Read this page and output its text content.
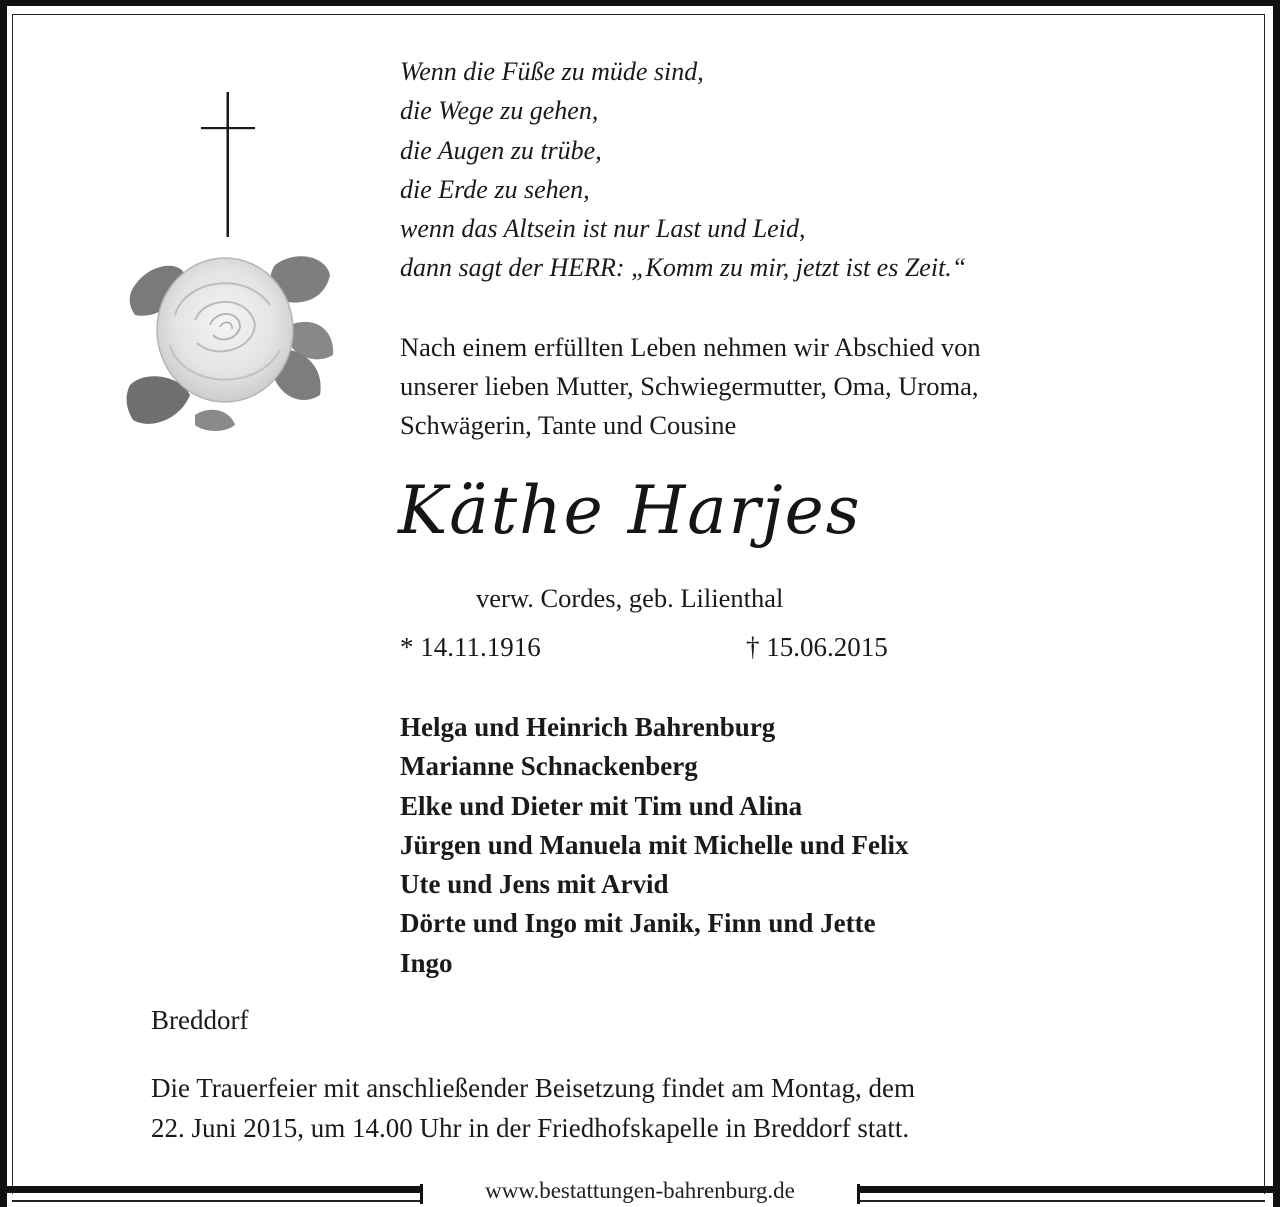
Wenn die Füße zu müde sind,
die Wege zu gehen,
die Augen zu trübe,
die Erde zu sehen,
wenn das Altsein ist nur Last und Leid,
dann sagt der HERR: „Komm zu mir, jetzt ist es Zeit.“
Nach einem erfüllten Leben nehmen wir Abschied von
unserer lieben Mutter, Schwiegermutter, Oma, Uroma,
Schwägerin, Tante und Cousine
Käthe Harjes
verw. Cordes, geb. Lilienthal
* 14.11.1916	† 15.06.2015
Helga und Heinrich Bahrenburg
Marianne Schnackenberg
Elke und Dieter mit Tim und Alina
Jürgen und Manuela mit Michelle und Felix
Ute und Jens mit Arvid
Dörte und Ingo mit Janik, Finn und Jette
Ingo
Breddorf
Die Trauerfeier mit anschließender Beisetzung findet am Montag, dem
22. Juni 2015, um 14.00 Uhr in der Friedhofskapelle in Breddorf statt.
www.bestattungen-bahrenburg.de
